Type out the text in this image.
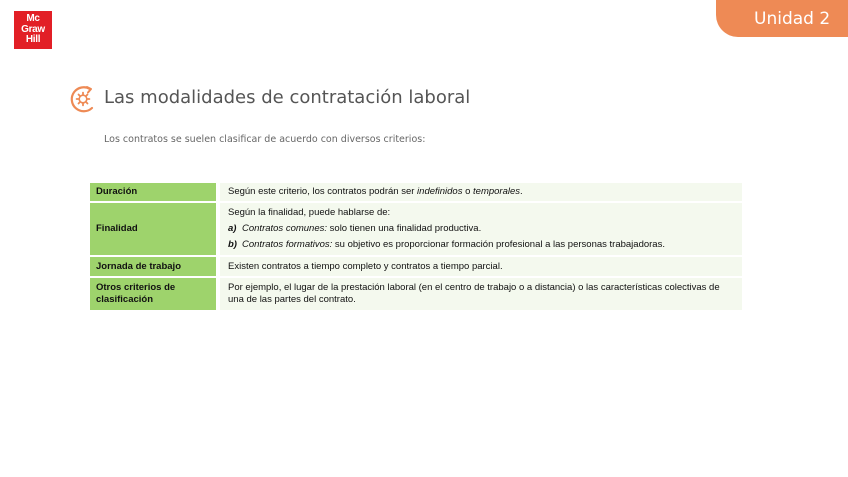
Mc
Graw
Hill
Unidad 2
Las modalidades de contratación laboral

Los contratos se suelen clasificar de acuerdo con diversos criterios:

Duración	Según este criterio, los contratos podrán ser indefinidos o temporales.
Finalidad	Según la finalidad, puede hablarse de:
a) Contratos comunes: solo tienen una finalidad productiva.
b) Contratos formativos: su objetivo es proporcionar formación profesional a las personas trabajadoras.

Jornada de trabajo	Existen contratos a tiempo completo y contratos a tiempo parcial.
Otros criterios de clasificación	Por ejemplo, el lugar de la prestación laboral (en el centro de trabajo o a distancia) o las características colectivas de una de las partes del contrato.
